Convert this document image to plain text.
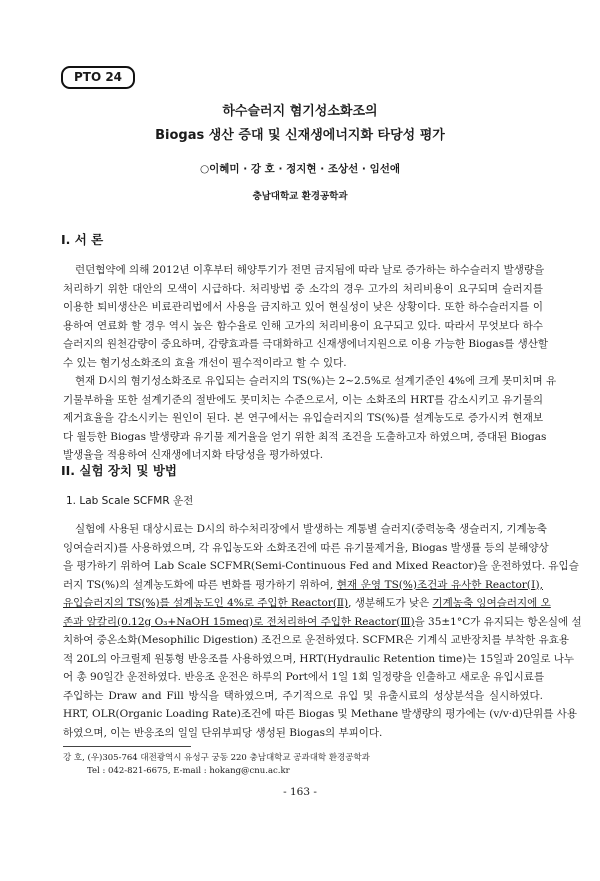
PTO 24
하수슬러지 혐기성소화조의
Biogas 생산 증대 및 신재생에너지화 타당성 평가
○이혜미 · 강 호 · 정지현 · 조상선 · 임선애
충남대학교 환경공학과
I. 서 론
런던협약에 의해 2012년 이후부터 해양투기가 전면 금지됨에 따라 날로 증가하는 하수슬러지 발생량을
처리하기 위한 대안의 모색이 시급하다. 처리방법 중 소각의 경우 고가의 처리비용이 요구되며 슬러지를
이용한 퇴비생산은 비료관리법에서 사용을 금지하고 있어 현실성이 낮은 상황이다. 또한 하수슬러지를 이
용하여 연료화 할 경우 역시 높은 함수율로 인해 고가의 처리비용이 요구되고 있다. 따라서 무엇보다 하수
슬러지의 원천감량이 중요하며, 감량효과를 극대화하고 신재생에너지원으로 이용 가능한 Biogas를 생산할
수 있는 혐기성소화조의 효율 개선이 필수적이라고 할 수 있다.
현재 D시의 혐기성소화조로 유입되는 슬러지의 TS(%)는 2~2.5%로 설계기준인 4%에 크게 못미치며 유
기물부하율 또한 설계기준의 절반에도 못미치는 수준으로서, 이는 소화조의 HRT를 감소시키고 유기물의
제거효율을 감소시키는 원인이 된다. 본 연구에서는 유입슬러지의 TS(%)를 설계농도로 증가시켜 현재보
다 월등한 Biogas 발생량과 유기물 제거율을 얻기 위한 최적 조건을 도출하고자 하였으며, 증대된 Biogas
발생율을 적용하여 신재생에너지화 타당성을 평가하였다.
II. 실험 장치 및 방법
1. Lab Scale SCFMR 운전
실험에 사용된 대상시료는 D시의 하수처리장에서 발생하는 계통별 슬러지(중력농축 생슬러지, 기계농축
잉여슬러지)를 사용하였으며, 각 유입농도와 소화조건에 따른 유기물제거율, Biogas 발생률 등의 분해양상
을 평가하기 위하여 Lab Scale SCFMR(Semi-Continuous Fed and Mixed Reactor)을 운전하였다. 유입슬
러지 TS(%)의 설계농도화에 따른 변화를 평가하기 위하여, 현재 운영 TS(%)조건과 유사한 Reactor(Ⅰ),
유입슬러지의 TS(%)를 설계농도인 4%로 주입한 Reactor(Ⅱ), 생분해도가 낮은 기계농축 잉여슬러지에 오
존과 알칼리(0.12g O₃+NaOH 15meq)로 전처리하여 주입한 Reactor(Ⅲ)을 35±1°C가 유지되는 항온실에 설
치하여 중온소화(Mesophilic Digestion) 조건으로 운전하였다. SCFMR은 기계식 교반장치를 부착한 유효용
적 20L의 아크릴제 원통형 반응조를 사용하였으며, HRT(Hydraulic Retention time)는 15일과 20일로 나누
어 총 90일간 운전하였다. 반응조 운전은 하루의 Port에서 1일 1회 일정량을 인출하고 새로운 유입시료를
주입하는 Draw and Fill 방식을 택하였으며, 주기적으로 유입 및 유출시료의 성상분석을 실시하였다.
HRT, OLR(Organic Loading Rate)조건에 따른 Biogas 및 Methane 발생량의 평가에는 (v/v·d)단위를 사용
하였으며, 이는 반응조의 일일 단위부피당 생성된 Biogas의 부피이다.
강 호, (우)305-764 대전광역시 유성구 궁동 220 충남대학교 공과대학 환경공학과
Tel : 042-821-6675, E-mail : hokang@cnu.ac.kr
- 163 -
